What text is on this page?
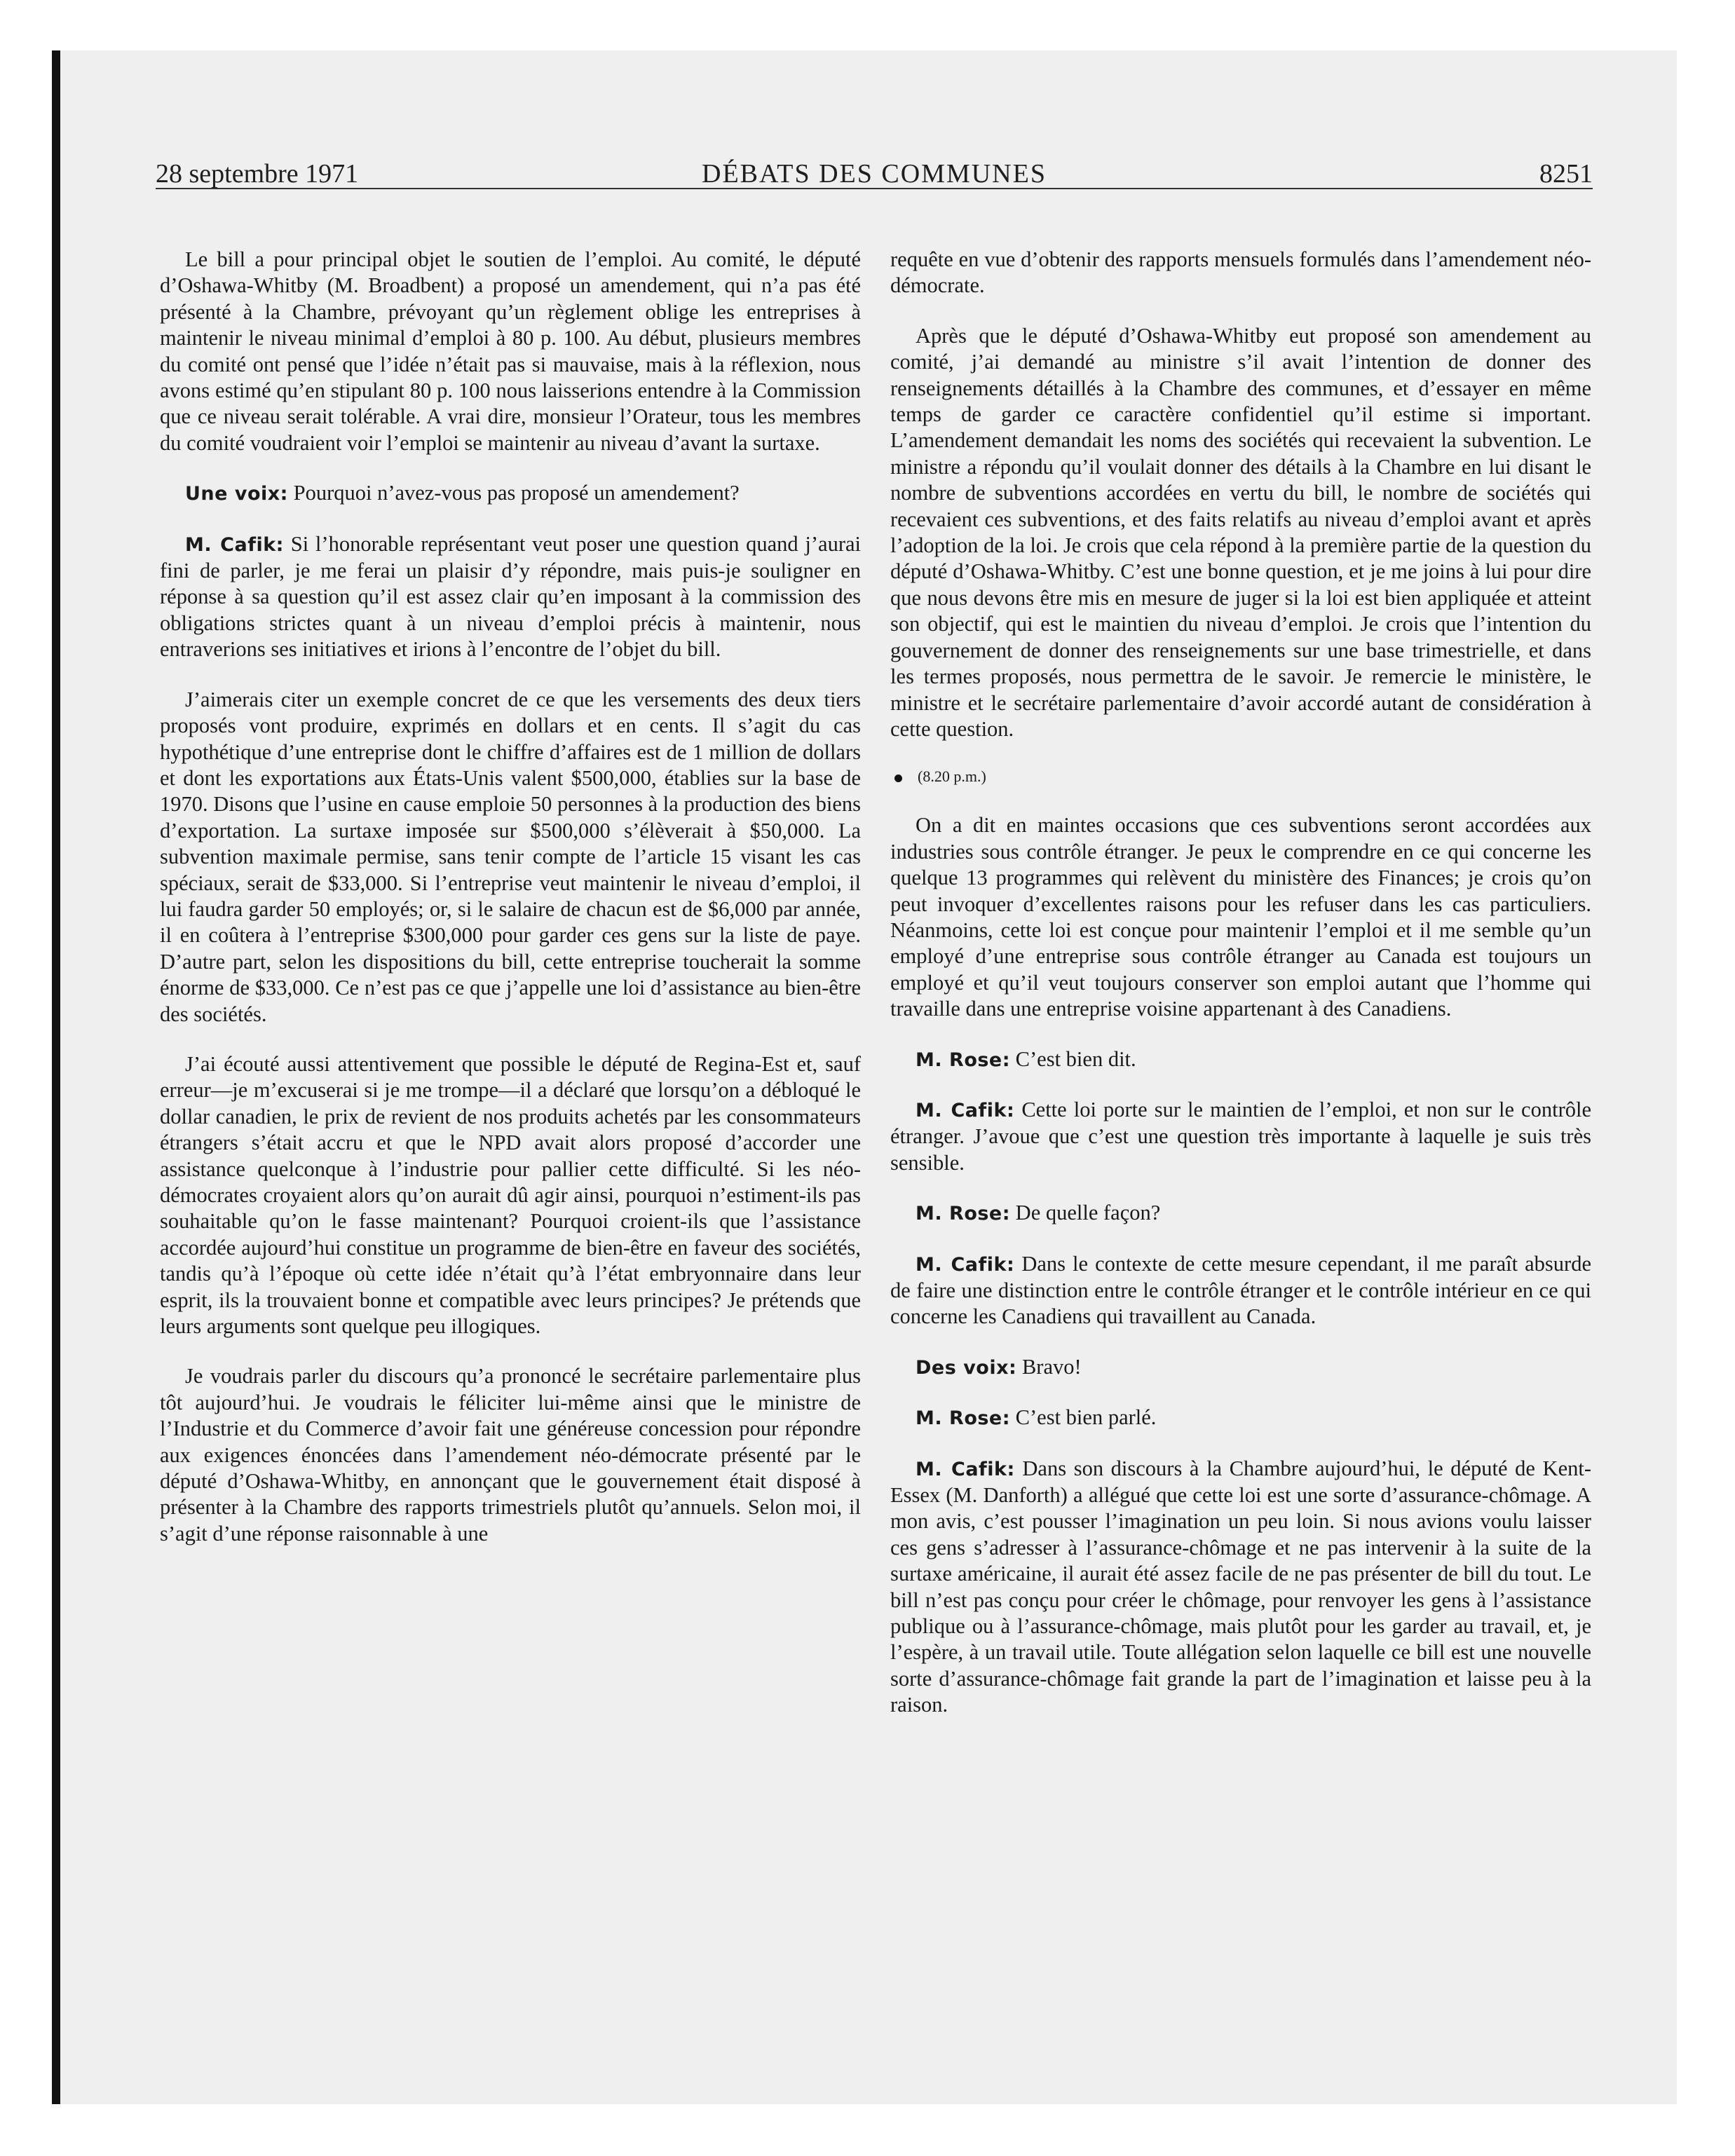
28 septembre 1971	DÉBATS DES COMMUNES	8251

Le bill a pour principal objet le soutien de l’emploi. Au comité, le député d’Oshawa-Whitby (M. Broadbent) a proposé un amendement, qui n’a pas été présenté à la Chambre, prévoyant qu’un règlement oblige les entreprises à maintenir le niveau minimal d’emploi à 80 p. 100. Au début, plusieurs membres du comité ont pensé que l’idée n’était pas si mauvaise, mais à la réflexion, nous avons estimé qu’en stipulant 80 p. 100 nous laisserions entendre à la Commission que ce niveau serait tolérable. A vrai dire, monsieur l’Orateur, tous les membres du comité voudraient voir l’emploi se maintenir au niveau d’avant la surtaxe.

Une voix: Pourquoi n’avez-vous pas proposé un amendement?

M. Cafik: Si l’honorable représentant veut poser une question quand j’aurai fini de parler, je me ferai un plaisir d’y répondre, mais puis-je souligner en réponse à sa question qu’il est assez clair qu’en imposant à la commission des obligations strictes quant à un niveau d’emploi précis à maintenir, nous entraverions ses initiatives et irions à l’encontre de l’objet du bill.

J’aimerais citer un exemple concret de ce que les versements des deux tiers proposés vont produire, exprimés en dollars et en cents. Il s’agit du cas hypothétique d’une entreprise dont le chiffre d’affaires est de 1 million de dollars et dont les exportations aux États-Unis valent $500,000, établies sur la base de 1970. Disons que l’usine en cause emploie 50 personnes à la production des biens d’exportation. La surtaxe imposée sur $500,000 s’élèverait à $50,000. La subvention maximale permise, sans tenir compte de l’article 15 visant les cas spéciaux, serait de $33,000. Si l’entreprise veut maintenir le niveau d’emploi, il lui faudra garder 50 employés; or, si le salaire de chacun est de $6,000 par année, il en coûtera à l’entreprise $300,000 pour garder ces gens sur la liste de paye. D’autre part, selon les dispositions du bill, cette entreprise toucherait la somme énorme de $33,000. Ce n’est pas ce que j’appelle une loi d’assistance au bien-être des sociétés.

J’ai écouté aussi attentivement que possible le député de Regina-Est et, sauf erreur—je m’excuserai si je me trompe—il a déclaré que lorsqu’on a débloqué le dollar canadien, le prix de revient de nos produits achetés par les consommateurs étrangers s’était accru et que le NPD avait alors proposé d’accorder une assistance quelconque à l’industrie pour pallier cette difficulté. Si les néo-démocrates croyaient alors qu’on aurait dû agir ainsi, pourquoi n’estiment-ils pas souhaitable qu’on le fasse maintenant? Pourquoi croient-ils que l’assistance accordée aujourd’hui constitue un programme de bien-être en faveur des sociétés, tandis qu’à l’époque où cette idée n’était qu’à l’état embryonnaire dans leur esprit, ils la trouvaient bonne et compatible avec leurs principes? Je prétends que leurs arguments sont quelque peu illogiques.

Je voudrais parler du discours qu’a prononcé le secrétaire parlementaire plus tôt aujourd’hui. Je voudrais le féliciter lui-même ainsi que le ministre de l’Industrie et du Commerce d’avoir fait une généreuse concession pour répondre aux exigences énoncées dans l’amendement néo-démocrate présenté par le député d’Oshawa-Whitby, en annonçant que le gouvernement était disposé à présenter à la Chambre des rapports trimestriels plutôt qu’annuels. Selon moi, il s’agit d’une réponse raisonnable à une

requête en vue d’obtenir des rapports mensuels formulés dans l’amendement néo-démocrate.

Après que le député d’Oshawa-Whitby eut proposé son amendement au comité, j’ai demandé au ministre s’il avait l’intention de donner des renseignements détaillés à la Chambre des communes, et d’essayer en même temps de garder ce caractère confidentiel qu’il estime si important. L’amendement demandait les noms des sociétés qui recevaient la subvention. Le ministre a répondu qu’il voulait donner des détails à la Chambre en lui disant le nombre de subventions accordées en vertu du bill, le nombre de sociétés qui recevaient ces subventions, et des faits relatifs au niveau d’emploi avant et après l’adoption de la loi. Je crois que cela répond à la première partie de la question du député d’Oshawa-Whitby. C’est une bonne question, et je me joins à lui pour dire que nous devons être mis en mesure de juger si la loi est bien appliquée et atteint son objectif, qui est le maintien du niveau d’emploi. Je crois que l’intention du gouvernement de donner des renseignements sur une base trimestrielle, et dans les termes proposés, nous permettra de le savoir. Je remercie le ministère, le ministre et le secrétaire parlementaire d’avoir accordé autant de considération à cette question.

(8.20 p.m.)

On a dit en maintes occasions que ces subventions seront accordées aux industries sous contrôle étranger. Je peux le comprendre en ce qui concerne les quelque 13 programmes qui relèvent du ministère des Finances; je crois qu’on peut invoquer d’excellentes raisons pour les refuser dans les cas particuliers. Néanmoins, cette loi est conçue pour maintenir l’emploi et il me semble qu’un employé d’une entreprise sous contrôle étranger au Canada est toujours un employé et qu’il veut toujours conserver son emploi autant que l’homme qui travaille dans une entreprise voisine appartenant à des Canadiens.

M. Rose: C’est bien dit.

M. Cafik: Cette loi porte sur le maintien de l’emploi, et non sur le contrôle étranger. J’avoue que c’est une question très importante à laquelle je suis très sensible.

M. Rose: De quelle façon?

M. Cafik: Dans le contexte de cette mesure cependant, il me paraît absurde de faire une distinction entre le contrôle étranger et le contrôle intérieur en ce qui concerne les Canadiens qui travaillent au Canada.

Des voix: Bravo!

M. Rose: C’est bien parlé.

M. Cafik: Dans son discours à la Chambre aujourd’hui, le député de Kent-Essex (M. Danforth) a allégué que cette loi est une sorte d’assurance-chômage. A mon avis, c’est pousser l’imagination un peu loin. Si nous avions voulu laisser ces gens s’adresser à l’assurance-chômage et ne pas intervenir à la suite de la surtaxe américaine, il aurait été assez facile de ne pas présenter de bill du tout. Le bill n’est pas conçu pour créer le chômage, pour renvoyer les gens à l’assistance publique ou à l’assurance-chômage, mais plutôt pour les garder au travail, et, je l’espère, à un travail utile. Toute allégation selon laquelle ce bill est une nouvelle sorte d’assurance-chômage fait grande la part de l’imagination et laisse peu à la raison.
